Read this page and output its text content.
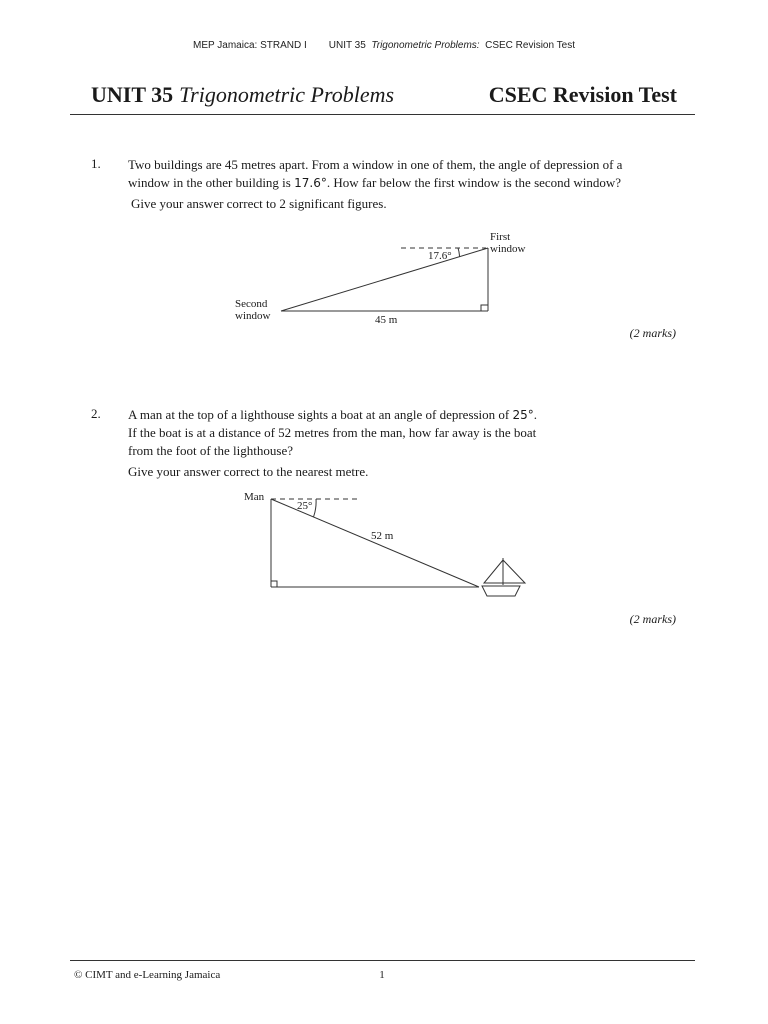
MEP Jamaica: STRAND I UNIT 35 Trigonometric Problems: CSEC Revision Test
UNIT 35 Trigonometric Problems	CSEC Revision Test
1. Two buildings are 45 metres apart. From a window in one of them, the angle of depression of a

window in the other building is 17.6°. How far below the first window is the second window?

Give your answer correct to 2 significant figures.

17.6°
First
window
Second
window	45 m
25°
Man
52 m
(2 marks)
2. A man at the top of a lighthouse sights a boat at an angle of depression of 25°.

If the boat is at a distance of 52 metres from the man, how far away is the boat

from the foot of the lighthouse?

Give your answer correct to the nearest metre.

(2 marks)
© CIMT and e-Learning Jamaica	1
